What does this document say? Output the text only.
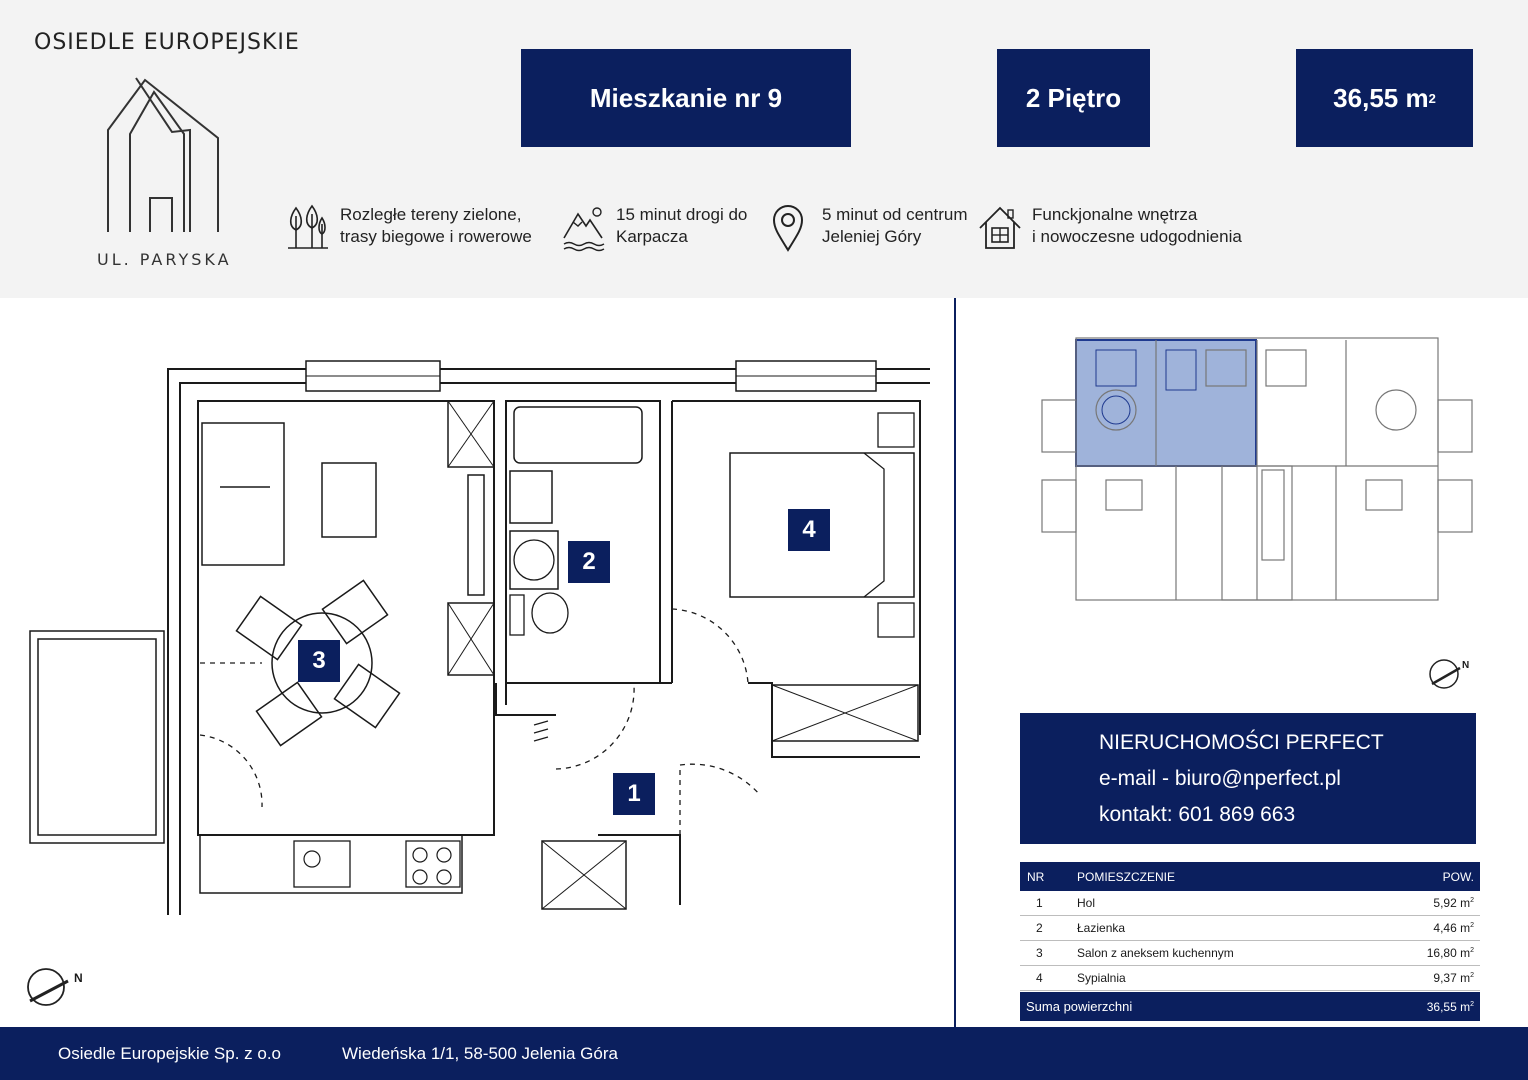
OSIEDLE EUROPEJSKIE
UL. PARYSKA
Mieszkanie nr 9	2 Piętro	36,55 m 2
Rozległe tereny zielone,
trasy biegowe i rowerowe
15 minut drogi do
Karpacza
5 minut od centrum
Jeleniej Góry
Funckjonalne wnętrza
i nowoczesne udogodnienia
1
2
3
4
N
N
NIERUCHOMOŚCI PERFECT
e-mail - biuro@nperfect.pl
kontakt: 601 869 663
NR	POMIESZCZENIE	POW.
1	Hol	5,92 $m^2$
2	Łazienka	4,46 $m^2$
3	Salon z aneksem kuchennym	16,80 $m^2$
4	Sypialnia	9,37 $m^2$
Suma powierzchni	36,55 $m^2$
Osiedle Europejskie Sp. z o.o	Wiedeńska 1/1, 58-500 Jelenia Góra
